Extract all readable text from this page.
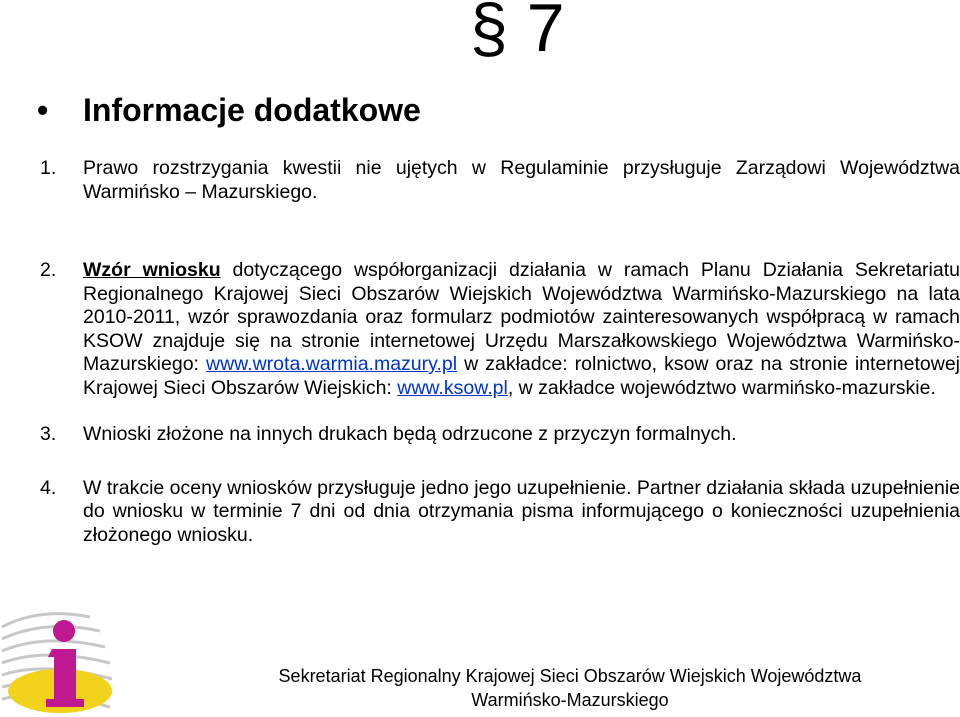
§ 7
• Informacje dodatkowe
1. Prawo rozstrzygania kwestii nie ujętych w Regulaminie przysługuje Zarządowi Województwa Warmińsko – Mazurskiego.
2. Wzór wniosku dotyczącego współorganizacji działania w ramach Planu Działania Sekretariatu Regionalnego Krajowej Sieci Obszarów Wiejskich Województwa Warmińsko-Mazurskiego na lata 2010-2011, wzór sprawozdania oraz formularz podmiotów zainteresowanych współpracą w ramach KSOW znajduje się na stronie internetowej Urzędu Marszałkowskiego Województwa Warmińsko-Mazurskiego: www.wrota.warmia.mazury.pl w zakładce: rolnictwo, ksow oraz na stronie internetowej Krajowej Sieci Obszarów Wiejskich: www.ksow.pl, w zakładce województwo warmińsko-mazurskie.
3. Wnioski złożone na innych drukach będą odrzucone z przyczyn formalnych.
4. W trakcie oceny wniosków przysługuje jedno jego uzupełnienie. Partner działania składa uzupełnienie do wniosku w terminie 7 dni od dnia otrzymania pisma informującego o konieczności uzupełnienia złożonego wniosku.
Sekretariat Regionalny Krajowej Sieci Obszarów Wiejskich Województwa
Warmińsko-Mazurskiego
